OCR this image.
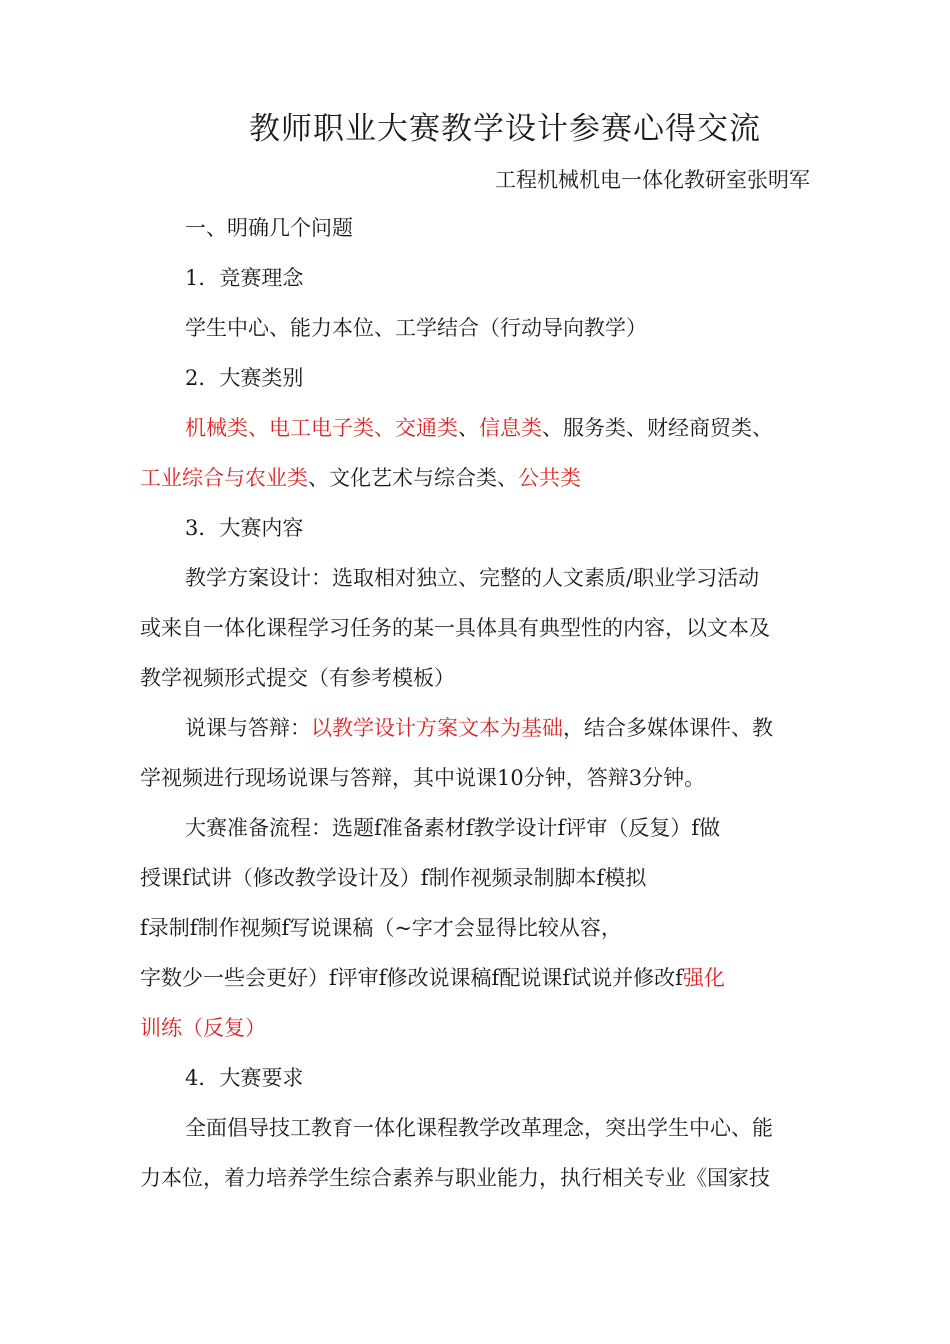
教师职业大赛教学设计参赛心得交流
工程机械机电一体化教研室张明军
一、明确几个问题
1．竞赛理念
学生中心、能力本位、工学结合（行动导向教学）
2．大赛类别
机械类、电工电子类、交通类、信息类、服务类、财经商贸类、
工业综合与农业类、文化艺术与综合类、公共类
3．大赛内容
教学方案设计：选取相对独立、完整的人文素质/职业学习活动
或来自一体化课程学习任务的某一具体具有典型性的内容，以文本及
教学视频形式提交（有参考模板）
说课与答辩：以教学设计方案文本为基础，结合多媒体课件、教
学视频进行现场说课与答辩，其中说课10分钟，答辩3分钟。
大赛准备流程：选题f准备素材f教学设计f评审（反复）f做
授课f试讲（修改教学设计及）f制作视频录制脚本f模拟
f录制f制作视频f写说课稿（~字才会显得比较从容，
字数少一些会更好）f评审f修改说课稿f配说课f试说并修改f强化
训练（反复）
4．大赛要求
全面倡导技工教育一体化课程教学改革理念，突出学生中心、能
力本位，着力培养学生综合素养与职业能力，执行相关专业《国家技
